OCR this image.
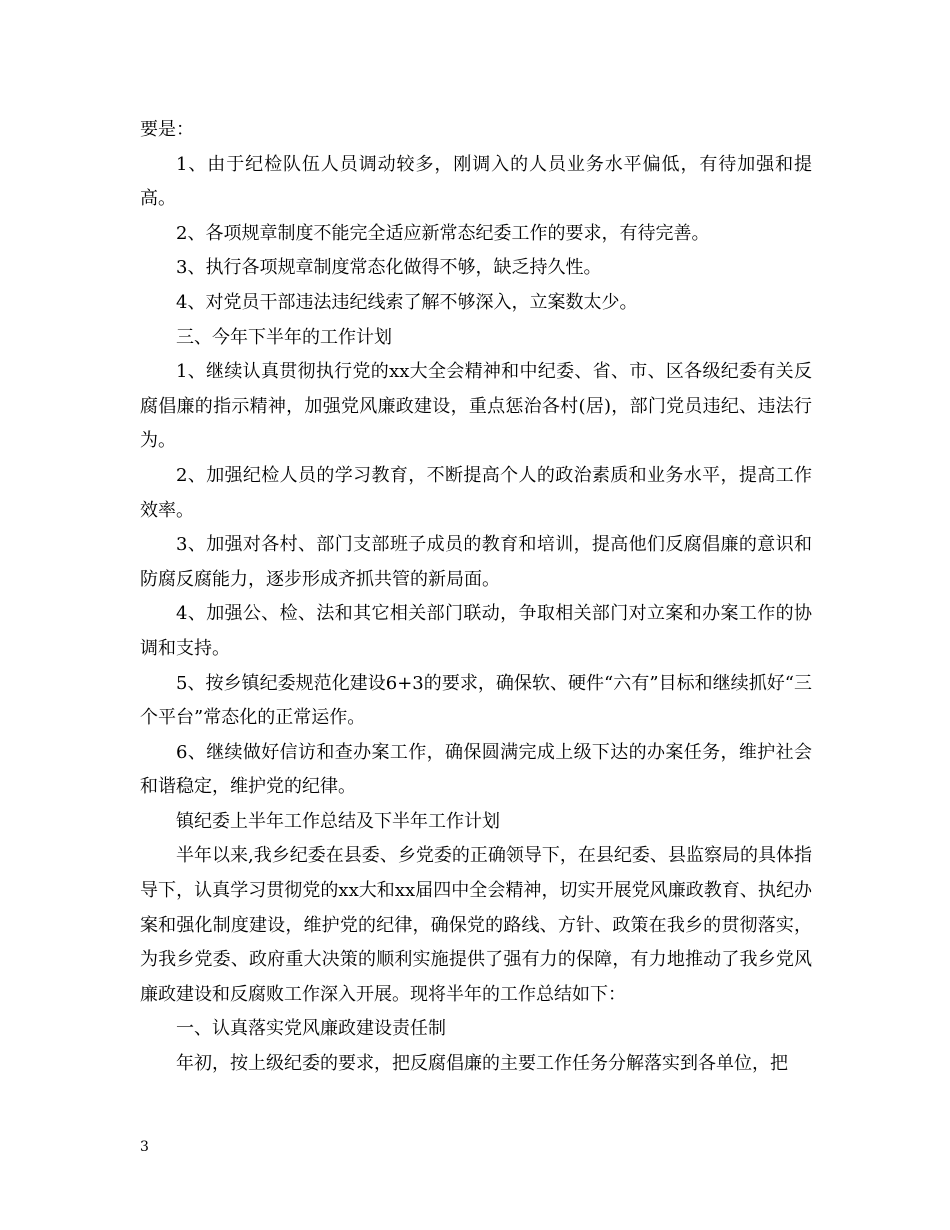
要是：

1、由于纪检队伍人员调动较多，刚调入的人员业务水平偏低，有待加强和提高。

2、各项规章制度不能完全适应新常态纪委工作的要求，有待完善。

3、执行各项规章制度常态化做得不够，缺乏持久性。

4、对党员干部违法违纪线索了解不够深入，立案数太少。

三、今年下半年的工作计划

1、继续认真贯彻执行党的xx大全会精神和中纪委、省、市、区各级纪委有关反腐倡廉的指示精神，加强党风廉政建设，重点惩治各村(居)，部门党员违纪、违法行为。

2、加强纪检人员的学习教育，不断提高个人的政治素质和业务水平，提高工作效率。

3、加强对各村、部门支部班子成员的教育和培训，提高他们反腐倡廉的意识和防腐反腐能力，逐步形成齐抓共管的新局面。

4、加强公、检、法和其它相关部门联动，争取相关部门对立案和办案工作的协调和支持。

5、按乡镇纪委规范化建设6+3的要求，确保软、硬件“六有”目标和继续抓好“三个平台”常态化的正常运作。

6、继续做好信访和查办案工作，确保圆满完成上级下达的办案任务，维护社会和谐稳定，维护党的纪律。

镇纪委上半年工作总结及下半年工作计划

半年以来,我乡纪委在县委、乡党委的正确领导下，在县纪委、县监察局的具体指导下，认真学习贯彻党的xx大和xx届四中全会精神，切实开展党风廉政教育、执纪办案和强化制度建设，维护党的纪律，确保党的路线、方针、政策在我乡的贯彻落实，为我乡党委、政府重大决策的顺利实施提供了强有力的保障，有力地推动了我乡党风廉政建设和反腐败工作深入开展。现将半年的工作总结如下：

一、认真落实党风廉政建设责任制

年初，按上级纪委的要求，把反腐倡廉的主要工作任务分解落实到各单位，把

3
